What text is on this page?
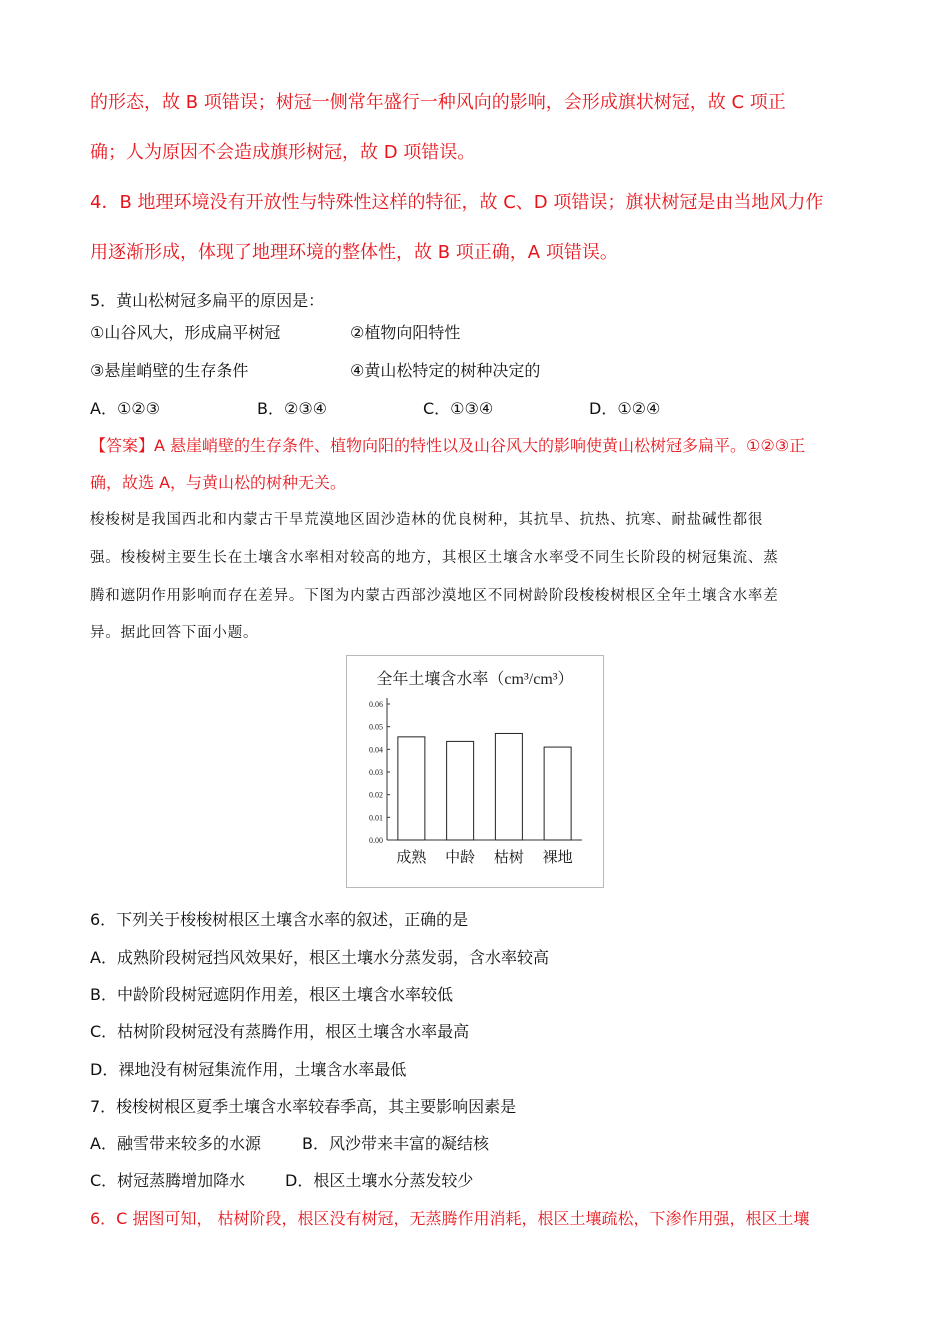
的形态，故 B 项错误；树冠一侧常年盛行一种风向的影响，会形成旗状树冠，故 C 项正
确；人为原因不会造成旗形树冠，故 D 项错误。
4．B 地理环境没有开放性与特殊性这样的特征，故 C、D 项错误；旗状树冠是由当地风力作
用逐渐形成，体现了地理环境的整体性，故 B 项正确，A 项错误。
5．黄山松树冠多扁平的原因是：
①山谷风大，形成扁平树冠	②植物向阳特性
③悬崖峭壁的生存条件	④黄山松特定的树种决定的
A．①②③	B．②③④	C．①③④	D．①②④
【答案】A 悬崖峭壁的生存条件、植物向阳的特性以及山谷风大的影响使黄山松树冠多扁平。①②③正
确，故选 A，与黄山松的树种无关。
梭梭树是我国西北和内蒙古干旱荒漠地区固沙造林的优良树种，其抗旱、抗热、抗寒、耐盐碱性都很
强。梭梭树主要生长在土壤含水率相对较高的地方，其根区土壤含水率受不同生长阶段的树冠集流、蒸
腾和遮阴作用影响而存在差异。下图为内蒙古西部沙漠地区不同树龄阶段梭梭树根区全年土壤含水率差
异。据此回答下面小题。
全年土壤含水率（cm³/cm³）
0.00
0.01
0.02
0.03
0.04
0.05
0.06
成熟 中龄 枯树 裸地
6．下列关于梭梭树根区土壤含水率的叙述，正确的是
A．成熟阶段树冠挡风效果好，根区土壤水分蒸发弱，含水率较高
B．中龄阶段树冠遮阴作用差，根区土壤含水率较低
C．枯树阶段树冠没有蒸腾作用，根区土壤含水率最高
D．裸地没有树冠集流作用，土壤含水率最低
7．梭梭树根区夏季土壤含水率较春季高，其主要影响因素是
A．融雪带来较多的水源	B．风沙带来丰富的凝结核
C．树冠蒸腾增加降水 D．根区土壤水分蒸发较少
6．C 据图可知， 枯树阶段，根区没有树冠，无蒸腾作用消耗，根区土壤疏松，下渗作用强，根区土壤
